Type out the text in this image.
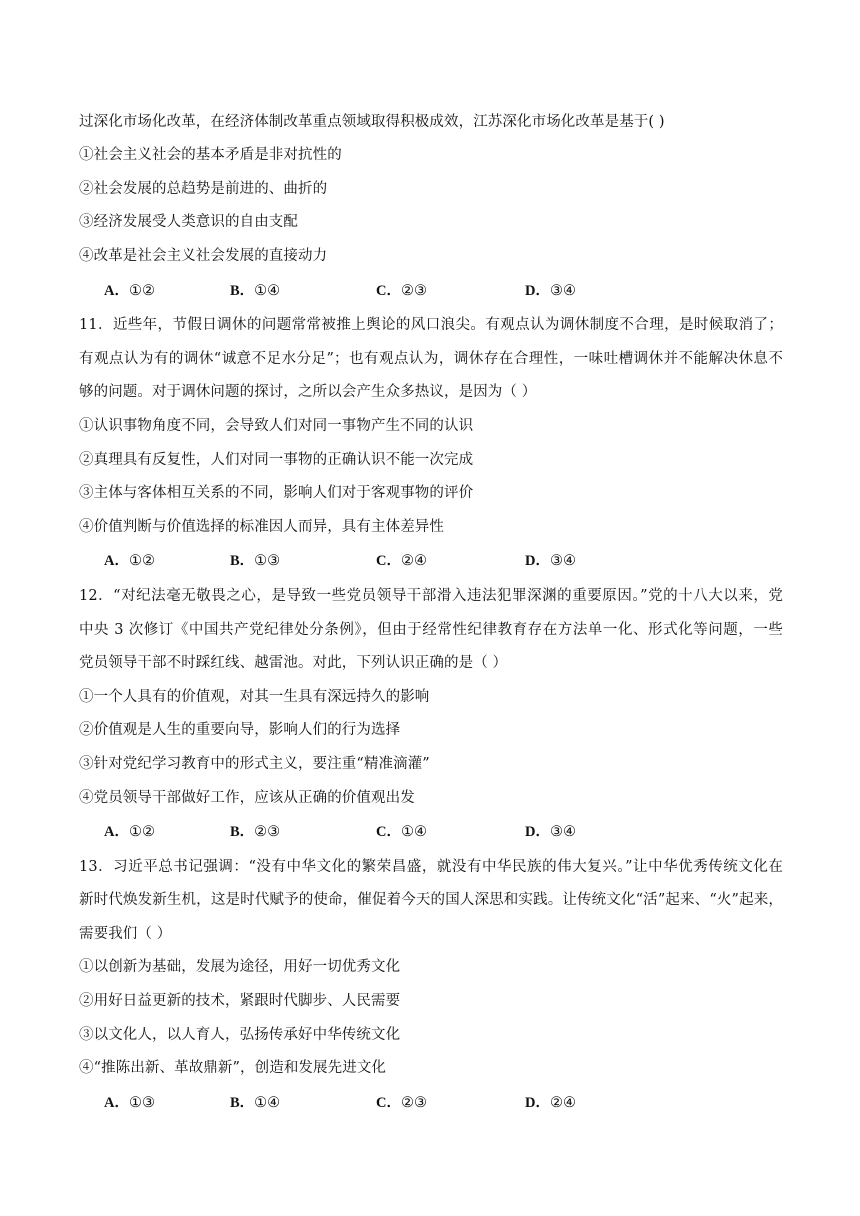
过深化市场化改革，在经济体制改革重点领域取得积极成效，江苏深化市场化改革是基于( )
①社会主义社会的基本矛盾是非对抗性的
②社会发展的总趋势是前进的、曲折的
③经济发展受人类意识的自由支配
④改革是社会主义社会发展的直接动力
A．①②	B．①④	C．②③	D．③④
11．近些年，节假日调休的问题常常被推上舆论的风口浪尖。有观点认为调休制度不合理，是时候取消了；
有观点认为有的调休“诚意不足水分足”；也有观点认为，调休存在合理性，一味吐槽调休并不能解决休息不
够的问题。对于调休问题的探讨，之所以会产生众多热议，是因为（ ）
①认识事物角度不同，会导致人们对同一事物产生不同的认识
②真理具有反复性，人们对同一事物的正确认识不能一次完成
③主体与客体相互关系的不同，影响人们对于客观事物的评价
④价值判断与价值选择的标准因人而异，具有主体差异性
A．①②	B．①③	C．②④	D．③④
12．“对纪法毫无敬畏之心，是导致一些党员领导干部滑入违法犯罪深渊的重要原因。”党的十八大以来，党
中央 3 次修订《中国共产党纪律处分条例》，但由于经常性纪律教育存在方法单一化、形式化等问题，一些
党员领导干部不时踩红线、越雷池。对此，下列认识正确的是（ ）
①一个人具有的价值观，对其一生具有深远持久的影响
②价值观是人生的重要向导，影响人们的行为选择
③针对党纪学习教育中的形式主义，要注重“精准滴灌”
④党员领导干部做好工作，应该从正确的价值观出发
A．①②	B．②③	C．①④	D．③④
13．习近平总书记强调：“没有中华文化的繁荣昌盛，就没有中华民族的伟大复兴。”让中华优秀传统文化在
新时代焕发新生机，这是时代赋予的使命，催促着今天的国人深思和实践。让传统文化“活”起来、“火”起来，
需要我们（ ）
①以创新为基础，发展为途径，用好一切优秀文化
②用好日益更新的技术，紧跟时代脚步、人民需要
③以文化人，以人育人，弘扬传承好中华传统文化
④“推陈出新、革故鼎新”，创造和发展先进文化
A．①③	B．①④	C．②③	D．②④
